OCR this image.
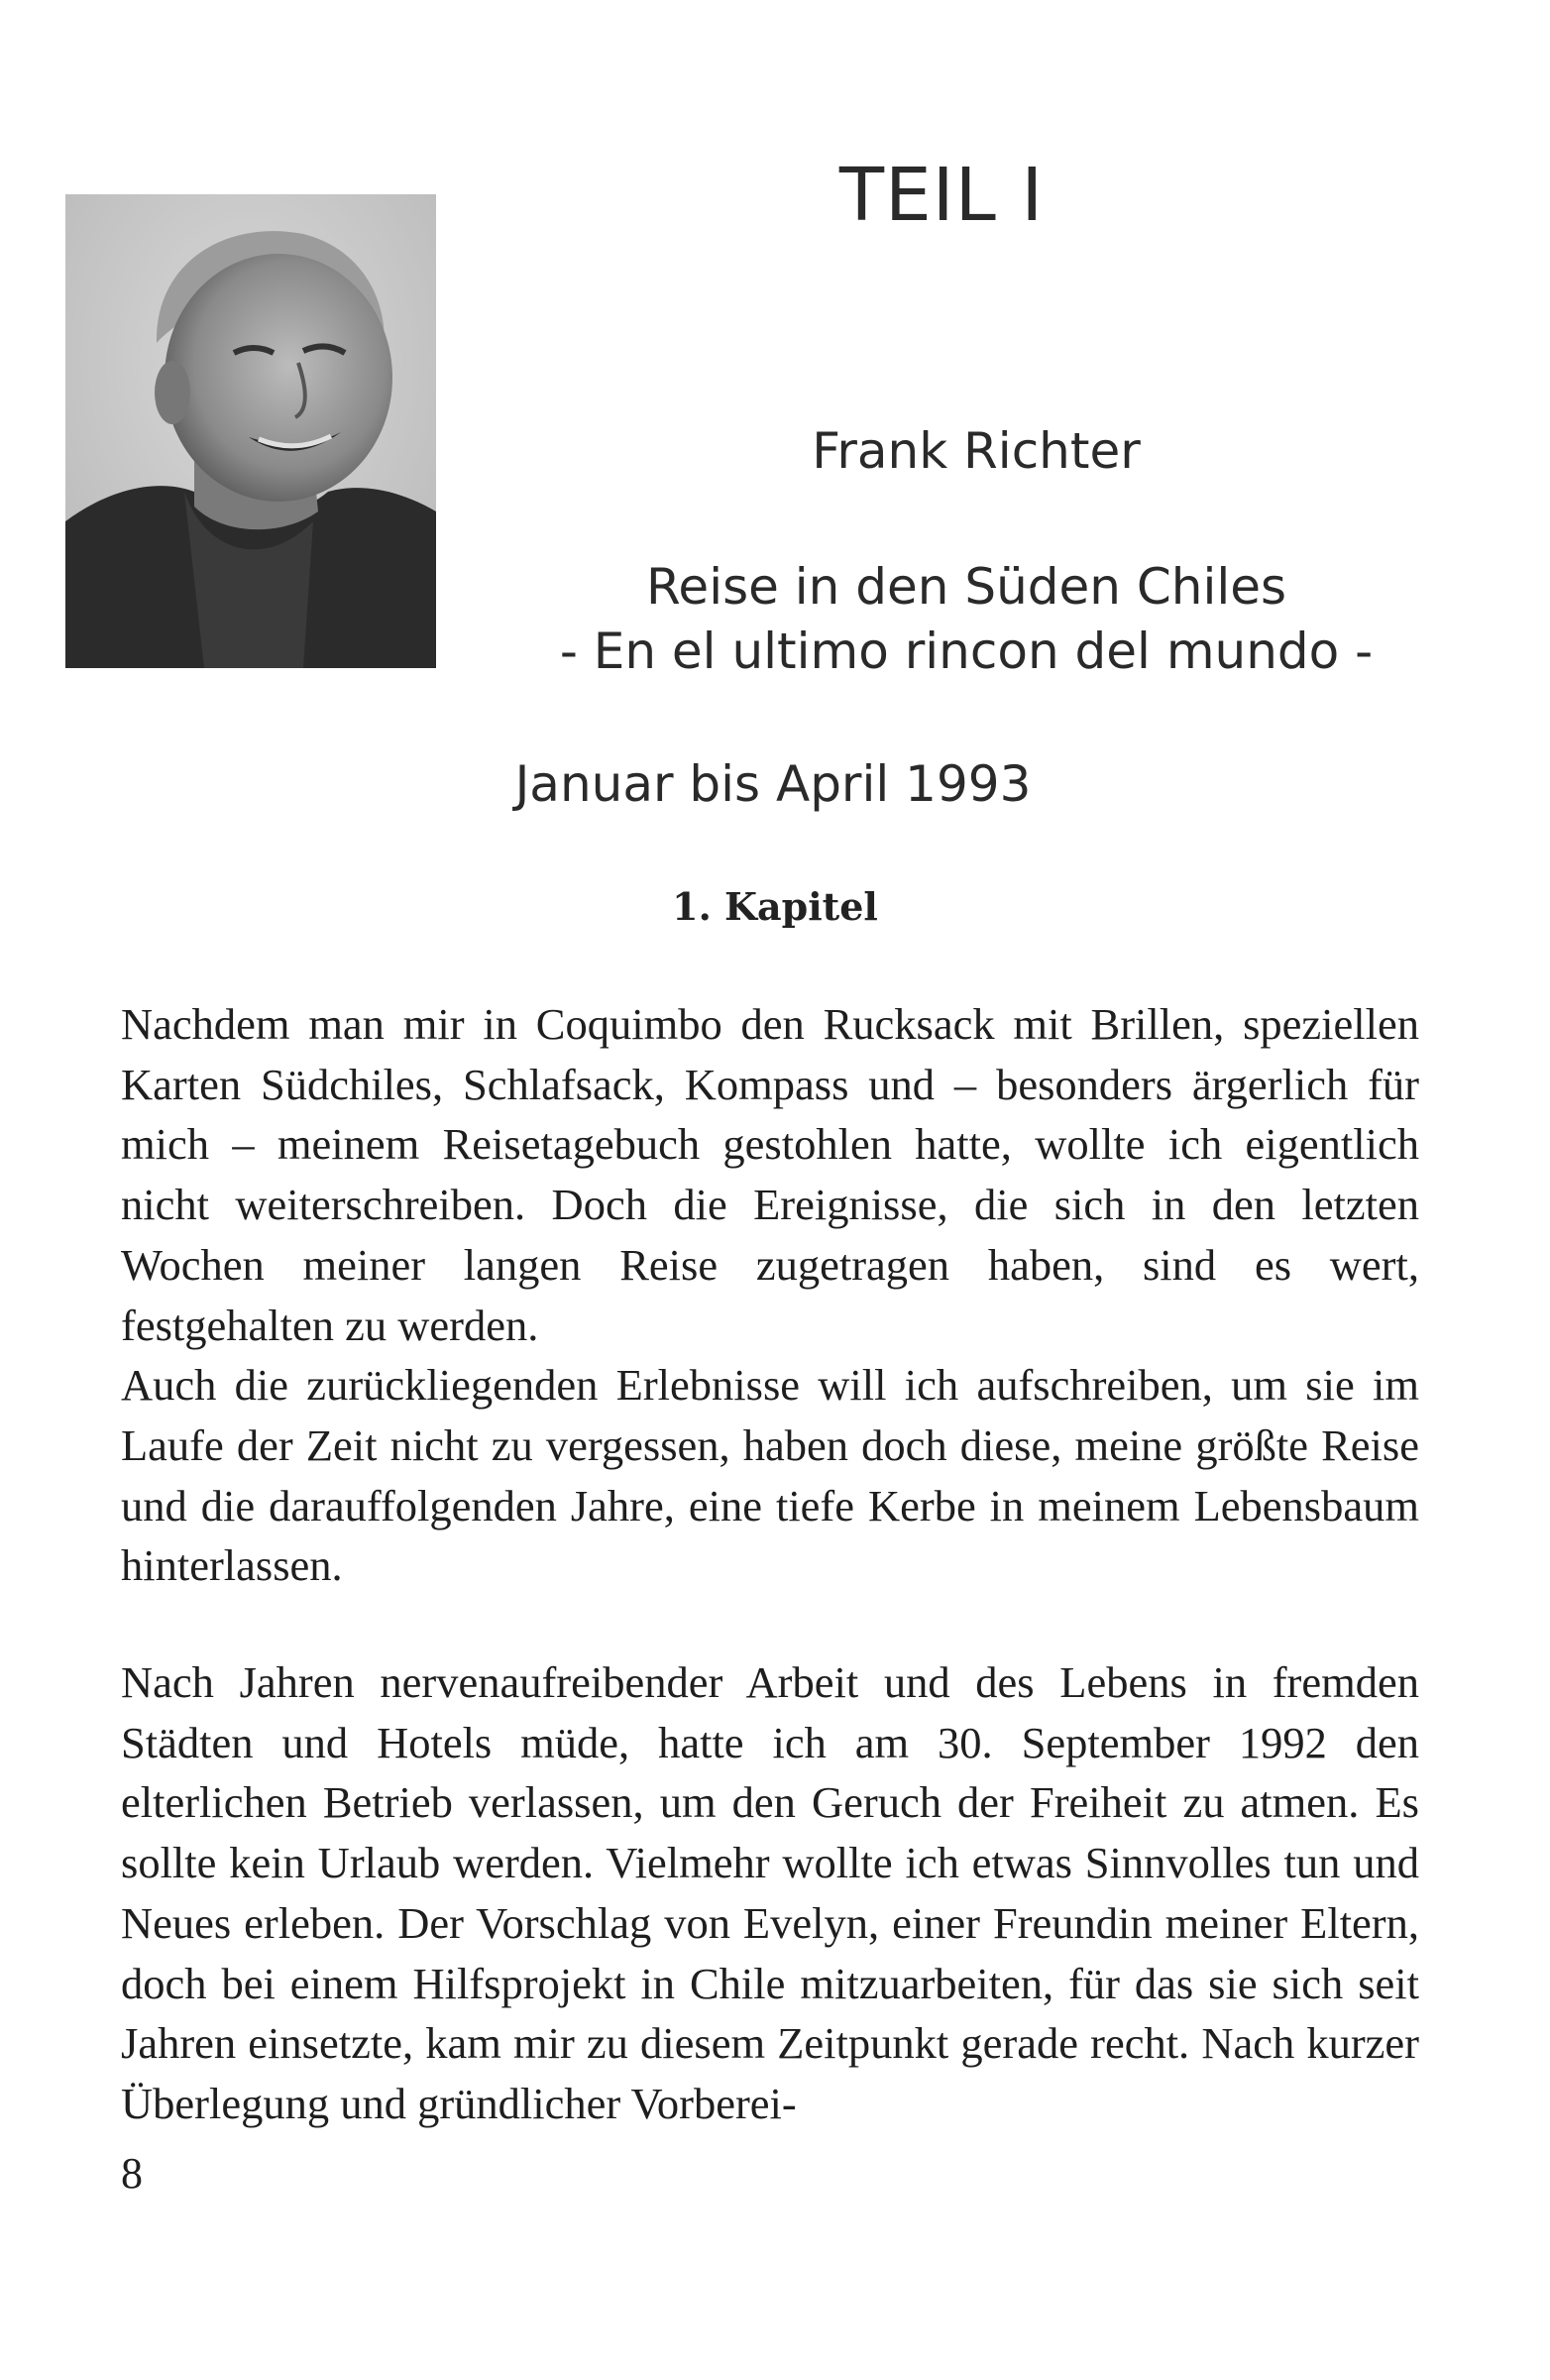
TEIL I
Frank Richter
Reise in den Süden Chiles
- En el ultimo rincon del mundo -
Januar bis April 1993
1. Kapitel
Nachdem man mir in Coquimbo den Rucksack mit Brillen, speziellen Karten Südchiles, Schlafsack, Kompass und – besonders ärgerlich für mich – meinem Reisetagebuch gestohlen hatte, wollte ich eigentlich nicht weiterschreiben. Doch die Ereignisse, die sich in den letzten Wochen meiner langen Reise zugetragen haben, sind es wert, festgehalten zu werden.
Auch die zurückliegenden Erlebnisse will ich aufschreiben, um sie im Laufe der Zeit nicht zu vergessen, haben doch diese, meine größte Reise und die darauffolgenden Jahre, eine tiefe Kerbe in meinem Lebensbaum hinterlassen.
Nach Jahren nervenaufreibender Arbeit und des Lebens in fremden Städten und Hotels müde, hatte ich am 30. September 1992 den elterlichen Betrieb verlassen, um den Geruch der Freiheit zu atmen. Es sollte kein Urlaub werden. Vielmehr wollte ich etwas Sinnvolles tun und Neues erleben. Der Vorschlag von Evelyn, einer Freundin meiner Eltern, doch bei einem Hilfsprojekt in Chile mitzuarbeiten, für das sie sich seit Jahren einsetzte, kam mir zu diesem Zeitpunkt gerade recht. Nach kurzer Überlegung und gründlicher Vorberei-
8
